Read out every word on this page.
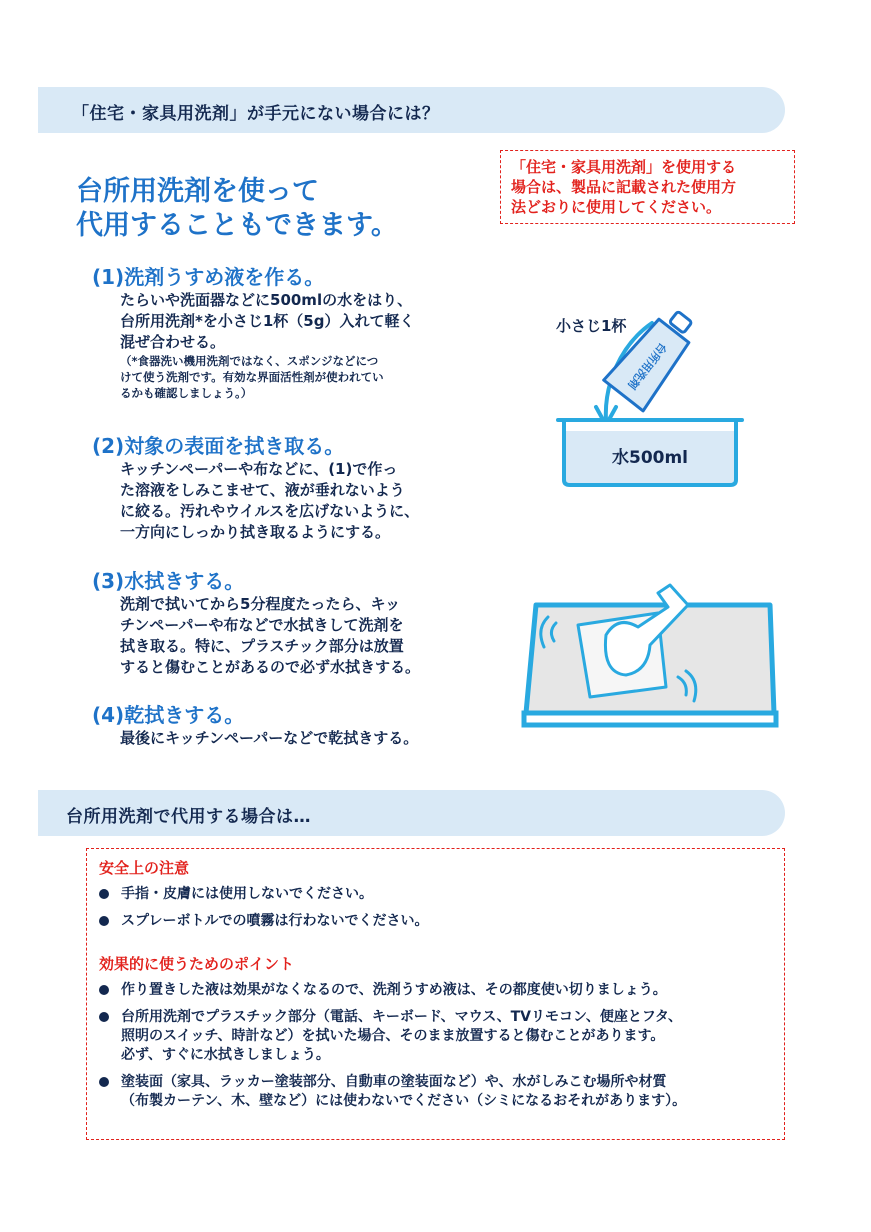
「住宅・家具用洗剤」が手元にない場合には？

「住宅・家具用洗剤」を使用する

場合は、製品に記載された使用方

法どおりに使用してください。

台所用洗剤を使って
代用することもできます。
(1)洗剤うすめ液を作る。

たらいや洗面器などに500mlの水をはり、

台所用洗剤*を小さじ1杯（5g）入れて軽く

混ぜ合わせる。

（*食器洗い機用洗剤ではなく、スポンジなどにつ

けて使う洗剤です。有効な界面活性剤が使われてい

るかも確認しましょう。）

(2)対象の表面を拭き取る。

キッチンペーパーや布などに、(1)で作っ

た溶液をしみこませて、液が垂れないよう

に絞る。汚れやウイルスを広げないように、

一方向にしっかり拭き取るようにする。

(3)水拭きする。

洗剤で拭いてから5分程度たったら、キッ

チンペーパーや布などで水拭きして洗剤を

拭き取る。特に、プラスチック部分は放置

すると傷むことがあるので必ず水拭きする。

(4)乾拭きする。

最後にキッチンペーパーなどで乾拭きする。

小さじ1杯
台所用洗剤
水500ml
台所用洗剤で代用する場合は…
安全上の注意
手指・皮膚には使用しないでください。
スプレーボトルでの噴霧は行わないでください。
効果的に使うためのポイント
作り置きした液は効果がなくなるので、洗剤うすめ液は、その都度使い切りましょう。
台所用洗剤でプラスチック部分（電話、キーボード、マウス、TVリモコン、便座とフタ、
照明のスイッチ、時計など）を拭いた場合、そのまま放置すると傷むことがあります。
必ず、すぐに水拭きしましょう。
塗装面（家具、ラッカー塗装部分、自動車の塗装面など）や、水がしみこむ場所や材質
（布製カーテン、木、壁など）には使わないでください（シミになるおそれがあります）。
